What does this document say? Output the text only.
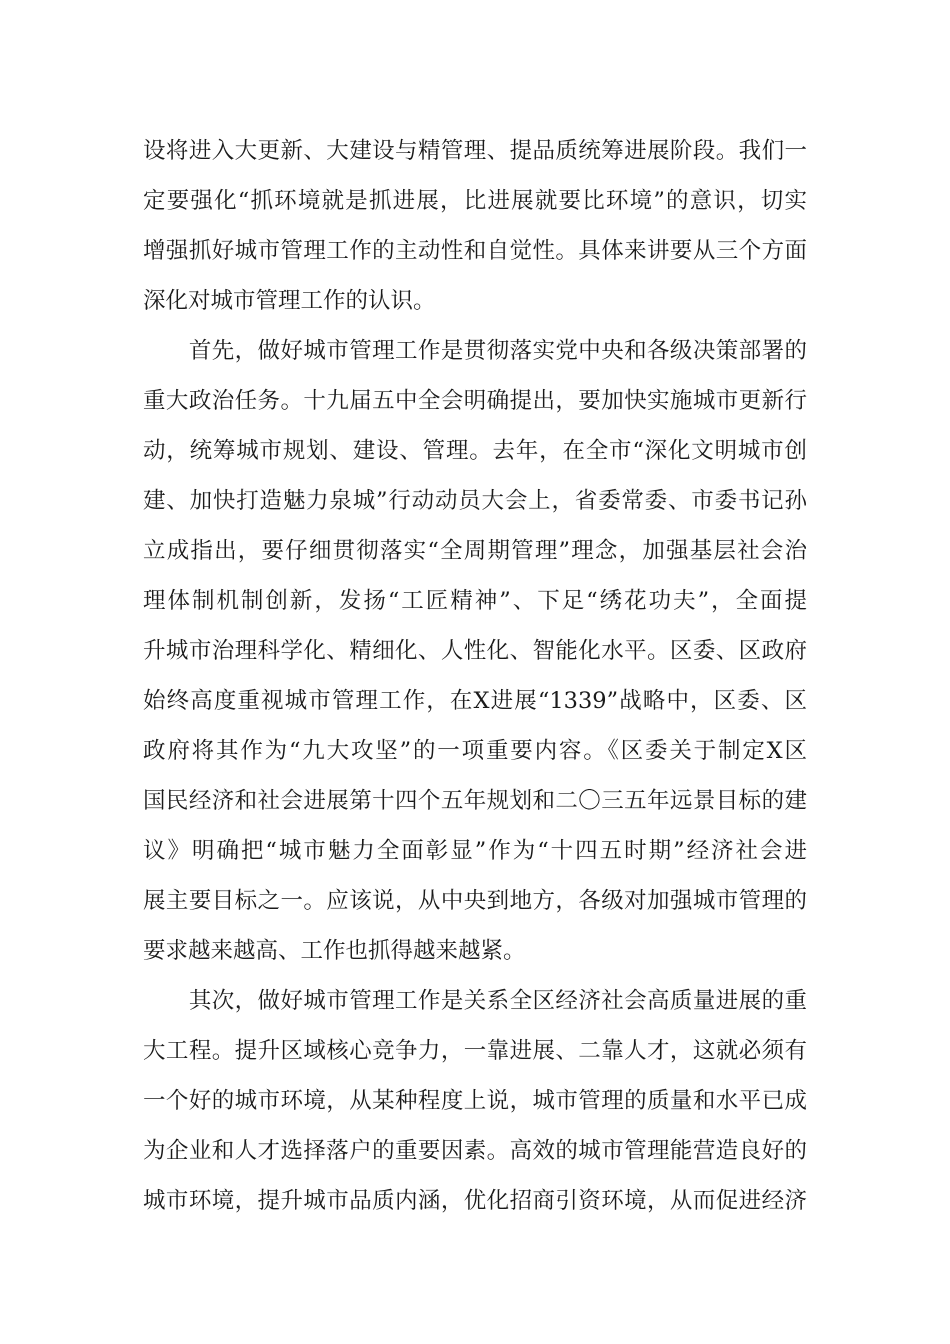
设将进入大更新、大建设与精管理、提品质统筹进展阶段。我们一
定要强化“抓环境就是抓进展，比进展就要比环境”的意识，切实
增强抓好城市管理工作的主动性和自觉性。具体来讲要从三个方面
深化对城市管理工作的认识。
　　首先，做好城市管理工作是贯彻落实党中央和各级决策部署的
重大政治任务。十九届五中全会明确提出，要加快实施城市更新行
动，统筹城市规划、建设、管理。去年，在全市“深化文明城市创
建、加快打造魅力泉城”行动动员大会上，省委常委、市委书记孙
立成指出，要仔细贯彻落实“全周期管理”理念，加强基层社会治
理体制机制创新，发扬“工匠精神”、下足“绣花功夫”，全面提
升城市治理科学化、精细化、人性化、智能化水平。区委、区政府
始终高度重视城市管理工作，在X进展“1339”战略中，区委、区
政府将其作为“九大攻坚”的一项重要内容。《区委关于制定X区
国民经济和社会进展第十四个五年规划和二〇三五年远景目标的建
议》明确把“城市魅力全面彰显”作为“十四五时期”经济社会进
展主要目标之一。应该说，从中央到地方，各级对加强城市管理的
要求越来越高、工作也抓得越来越紧。
　　其次，做好城市管理工作是关系全区经济社会高质量进展的重
大工程。提升区域核心竞争力，一靠进展、二靠人才，这就必须有
一个好的城市环境，从某种程度上说，城市管理的质量和水平已成
为企业和人才选择落户的重要因素。高效的城市管理能营造良好的
城市环境，提升城市品质内涵，优化招商引资环境，从而促进经济
